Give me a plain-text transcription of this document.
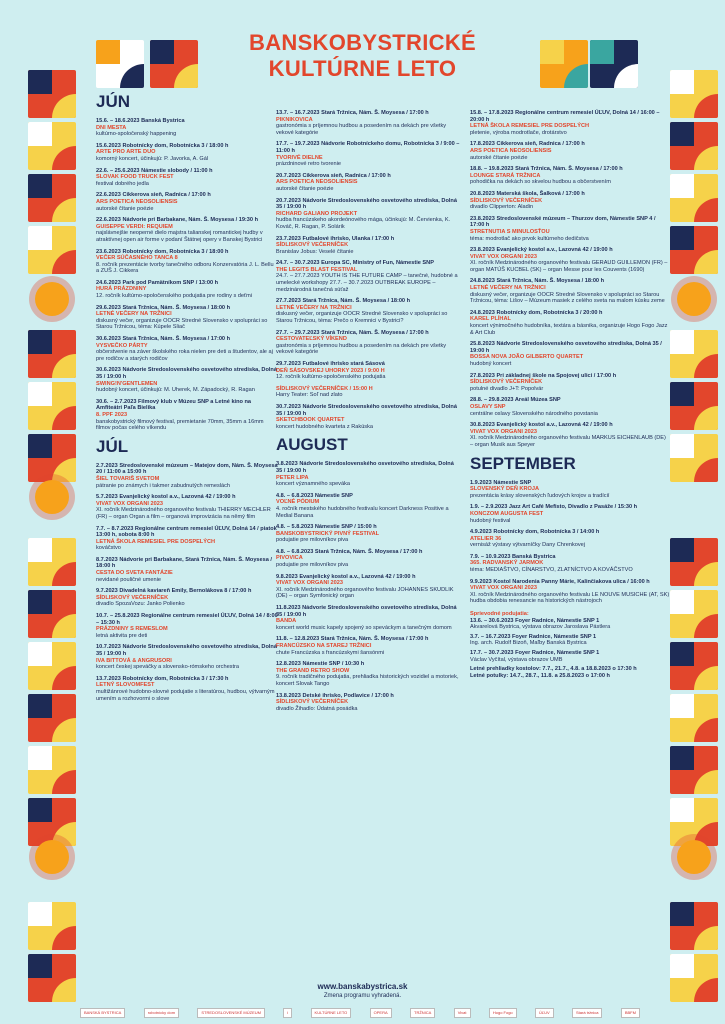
BANSKOBYSTRICKÉ
KULTÚRNE LETO
JÚN
15.6. – 18.6.2023 Banská Bystrica
DNI MESTA
kultúrno-spoločenský happening
15.6.2023 Robotnícky dom, Robotnícka 3 / 18:00 h
ARTE PRO ARTE DUO
komorný koncert, účinkujú: P. Javorka, A. Gál
22.6. – 25.6.2023 Námestie slobody / 11:00 h
SLOVAK FOOD TRUCK FEST
festival dobrého jedla
22.6.2023 Cikkerova sieň, Radnica / 17:00 h
ARS POETICA NEOSOLIENSIS
autorské čítanie poézie
22.6.2023 Nádvorie pri Barbakane, Nám. Š. Moysesa / 19:30 h
GUISEPPE VERDI: REQUIEM
najslávnejšie neoperné dielo majstra talianskej romantickej hudby v atraktívnej open air forme v podaní Štátnej opery v Banskej Bystrici
23.6.2023 Robotnícky dom, Robotnícka 3 / 18:00 h
VEČER SÚČASNÉHO TANCA 8
8. ročník prezentácie tvorby tanečného odboru Konzervatória J. L. Bellu a ZUŠ J. Cikkera
24.6.2023 Park pod Pamätníkom SNP / 13:00 h
HURÁ PRÁZDNINY
12. ročník kultúrno-spoločenského podujatia pre rodiny s deťmi
29.6.2023 Stará Tržnica, Nám. Š. Moysesa / 18:00 h
LETNÉ VEČERY NA TRŽNICI
diskusný večer, organizuje OOCR Stredné Slovensko v spolupráci so Starou Tržnicou, téma: Kúpele Sliač
30.6.2023 Stará Tržnica, Nám. Š. Moysesa / 17:00 h
VYSVEČKO PÁRTY
občerstvenie na záver školského roka nielen pre deti a študentov, ale aj pre rodičov a starých rodičov
30.6.2023 Nádvorie Stredoslovenského osvetového strediska, Dolná 35 / 19:00 h
SWING!N'GENTLEMEN
hudobný koncert, účinkujú: M. Uherek, M. Západocký, R. Ragan
30.6. – 2.7.2023 Filmový klub v Múzeu SNP a Letné kino na Amfiteátri Paľa Bielika
8. PPF 2023
banskobystrický filmový festival, premietanie 70mm, 35mm a 16mm filmov počas celého víkendu
JÚL
2.7.2023 Stredoslovenské múzeum – Matejov dom, Nám. Š. Moysesa 20 / 11:00 a 15:00 h
ŠIEL TOVARIŠ SVETOM
pátranie po známych i takmer zabudnutých remeslách
5.7.2023 Evanjelický kostol a.v., Lazovná 42 / 19:00 h
VIVAT VOX ORGANI 2023
XI. ročník Medzinárodného organového festivalu THIERRY MECHLER (FR) – organ Organ a film – organová improvizácia na němý film
7.7. – 8.7.2023 Regionálne centrum remesiel ÚĽUV, Dolná 14 / piatok 13:00 h, sobota 8:00 h
LETNÁ ŠKOLA REMESIEL PRE DOSPELÝCH
kováčstvo
8.7.2023 Nádvorie pri Barbakane, Stará Tržnica, Nám. Š. Moysesa / 18:00 h
CESTA DO SVETA FANTÁZIE
nevidané pouličné umenie
9.7.2023 Divadelná kaviareň Emily, Bernolákova 8 / 17:00 h
SÍDLISKOVÝ VEČERNÍČEK
divadlo SpozaVozu: Janko Polienko
10.7. – 25.8.2023 Regionálne centrum remesiel ÚĽUV, Dolná 14 / 8:00 – 15:30 h
PRÁZDNINY S REMESLOM
letná aktivita pre deti
10.7.2023 Nádvorie Stredoslovenského osvetového strediska, Dolná 35 / 19:00 h
IVA BITTOVÁ & ANGRUSORI
koncert českej speváčky a slovensko-rómskeho orchestra
13.7.2023 Robotnícky dom, Robotnícka 3 / 17:30 h
LETNÝ SLOVOMFEST
multižánrové hudobno-slovné podujatie s literatúrou, hudbou, výtvarným umením a rozhovormi o slove
13.7. – 16.7.2023 Stará Tržnica, Nám. Š. Moysesa / 17:00 h
PIKNIKOVICA
gastronómia s príjemnou hudbou a posedením na dekách pre všetky vekové kategórie
17.7. – 19.7.2023 Nádvorie Robotníckeho domu, Robotnícka 3 / 9:00 – 11:00 h
TVORIVÉ DIELNE
prázdninové retro tvorenie
20.7.2023 Cikkerova sieň, Radnica / 17:00 h
ARS POETICA NEOSOLIENSIS
autorské čítanie poézie
20.7.2023 Nádvorie Stredoslovenského osvetového strediska, Dolná 35 / 19:00 h
RICHARD GALIANO PROJEKT
hudba francúzskeho akordeónového mága, účinkujú: M. Červienka, K. Kováč, R. Ragan, P. Solárik
23.7.2023 Futbalové ihrisko, Ulanka / 17:00 h
SÍDLISKOVÝ VEČERNÍČEK
Branislav Jobus: Veselé čítanie
24.7. – 30.7.2023 Europa SC, Ministry of Fun, Námestie SNP
THE LEGITS BLAST FESTIVAL
24.7. – 27.7.2023 YOUTH IS THE FUTURE CAMP – tanečné, hudobné a umelecké workshopy 27.7. – 30.7.2023 OUTBREAK EUROPE – medzinárodná tanečná súťaž
27.7.2023 Stará Tržnica, Nám. Š. Moysesa / 18:00 h
LETNÉ VEČERY NA TRŽNICI
diskusný večer, organizuje OOCR Stredné Slovensko v spolupráci so Starou Tržnicou, téma: Prečo o Kremnici v Bystrici?
27.7. – 29.7.2023 Stará Tržnica, Nám. Š. Moysesa / 17:00 h
CESTOVATEĽSKÝ VÍKEND
gastronómia s príjemnou hudbou a posedením na dekách pre všetky vekové kategórie
29.7.2023 Futbalové ihrisko stará Sásová
DEŇ SÁSOVSKEJ UHORKY 2023 / 9:00 H
12. ročník kultúrno-spoločenského podujatia
SÍDLISKOVÝ VEČERNÍČEK / 15:00 H
Harry Teater: Soľ nad zlato
30.7.2023 Nádvorie Stredoslovenského osvetového strediska, Dolná 35 / 19:00 h
SKETCHBOOK QUARTET
koncert hudobného kvarteta z Rakúska
AUGUST
3.8.2023 Nádvorie Stredoslovenského osvetového strediska, Dolná 35 / 19:00 h
PETER LIPA
koncert významného speváka
4.8. – 6.8.2023 Námestie SNP
VOĽNÉ PÓDIUM
4. ročník mestského hudobného festivalu koncert Darkness Positive a Medial Banana
4.8. – 5.8.2023 Námestie SNP / 15:00 h
BANSKOBYSTRICKÝ PIVNÝ FESTIVAL
podujatie pre milovníkov piva
4.8. – 6.8.2023 Stará Tržnica, Nám. Š. Moysesa / 17:00 h
PIVOVICA
podujatie pre milovníkov piva
9.8.2023 Evanjelický kostol a.v., Lazovná 42 / 19:00 h
VIVAT VOX ORGANI 2023
XI. ročník Medzinárodného organového festivalu JOHANNES SKUDLIK (DE) – organ Symfonický organ
11.8.2023 Nádvorie Stredoslovenského osvetového strediska, Dolná 35 / 19:00 h
BANDA
koncert world music kapely spojený so speváckym a tanečným domom
11.8. – 12.8.2023 Stará Tržnica, Nám. Š. Moysesa / 17:00 h
FRANCÚZSKO NA STAREJ TRŽNICI
chute Francúzska s francúzskymi šansónmi
12.8.2023 Námestie SNP / 10:30 h
THE GRAND RETRO SHOW
9. ročník tradičného podujatia, prehliadka historických vozidiel a motoriek, koncert Slovak Tango
13.8.2023 Detské ihrisko, Podlavice / 17:00 h
SÍDLISKOVÝ VEČERNÍČEK
divadlo Žihadlo: Údatná posádka
15.8. – 17.8.2023 Regionálne centrum remesiel ÚĽUV, Dolná 14 / 16:00 – 20:00 h
LETNÁ ŠKOLA REMESIEL PRE DOSPELÝCH
pletenie, výroba modrotlače, drotárstvo
17.8.2023 Cikkerova sieň, Radnica / 17:00 h
ARS POETICA NEOSOLIENSIS
autorské čítanie poézie
18.8. – 19.8.2023 Stará Tržnica, Nám. Š. Moysesa / 17:00 h
LOUNGE STARÁ TRŽNICA
pohodička na dekách so skvelou hudbou a občerstvením
20.8.2023 Materská škola, Šalková / 17:00 h
SÍDLISKOVÝ VEČERNÍČEK
divadlo Clipperton: Aladin
23.8.2023 Stredoslovenské múzeum – Thurzov dom, Námestie SNP 4 / 17:00 h
STRETNUTIA S MINULOSŤOU
téma: modrotlač ako prvok kultúrneho dedičstva
23.8.2023 Evanjelický kostol a.v., Lazovná 42 / 19:00 h
VIVAT VOX ORGANI 2023
XI. ročník Medzinárodného organového festivalu GERAUD GUILLEMON (FR) – organ MATÚŠ KUCBEL (SK) – organ Messe pour les Couvents (1690)
24.8.2023 Stará Tržnica, Nám. Š. Moysesa / 18:00 h
LETNÉ VEČERY NA TRŽNICI
diskusný večer, organizuje OOCR Stredné Slovensko v spolupráci so Starou Tržnicou, téma: Lišov – Múzeum masiek z celého sveta na malom kúsku zeme
24.8.2023 Robotnícky dom, Robotnícka 3 / 20:00 h
KAREL PLÍHAL
koncert výnimočného hudobníka, textára a básnika, organizuje Hogo Fogo Jazz & Art Club
25.8.2023 Nádvorie Stredoslovenského osvetového strediska, Dolná 35 / 19:00 h
BOSSA NOVA JOÃO GILBERTO QUARTET
hudobný koncert
27.8.2023 Pri základnej škole na Spojovej ulici / 17:00 h
SÍDLISKOVÝ VEČERNÍČEK
potulné divadlo J+T: Popolvár
28.8. – 29.8.2023 Areál Múzea SNP
OSLAVY SNP
centrálne oslavy Slovenského národného povstania
30.8.2023 Evanjelický kostol a.v., Lazovná 42 / 19:00 h
VIVAT VOX ORGANI 2023
XI. ročník Medzinárodného organového festivalu MARKUS EICHENLAUB (DE) – organ Musik aus Speyer
SEPTEMBER
1.9.2023 Námestie SNP
SLOVENSKÝ DEŇ KROJA
prezentácia krásy slovenských ľudových krojov a tradícií
1.9. – 2.9.2023 Jazz Art Café Mefisto, Divadlo z Pasáže / 15:30 h
KONCZOM AUGUSTA FEST
hudobný festival
4.9.2023 Robotnícky dom, Robotnícka 3 / 14:00 h
ATELIER 36
vernisáž výstavy výtvarníčky Dany Chrenkovej
7.9. – 10.9.2023 Banská Bystrica
365. RADVANSKÝ JARMOK
téma: MEDIAŠTVO, CÍNARSTVO, ZLATNÍCTVO A KOVÁČSTVO
9.9.2023 Kostol Narodenia Panny Márie, Kalinčiakova ulica / 16:00 h
VIVAT VOX ORGANI 2023
XI. ročník Medzinárodného organového festivalu LE NOUVE MUSICHE (AT, SK) hudba obdobia renesancie na historických nástrojoch
Sprievodné podujatia:
13.6. – 30.6.2023 Foyer Radnice, Námestie SNP 1
Akvarelová Bystrica, výstava obrazov Jaroslava Pástlera
3.7. – 16.7.2023 Foyer Radnice, Námestie SNP 1
Ing. arch. Rudolf Bizoň, Maľby Banská Bystrica
17.7. – 30.7.2023 Foyer Radnice, Námestie SNP 1
Václav Vyčítal, výstava obrazov UMB
Letné prehliadky kostolov: 7.7., 21.7., 4.8. a 18.8.2023 o 17:30 h
Letné potulky: 14.7., 28.7., 11.8. a 25.8.2023 o 17:00 h
www.banskabystrica.sk
Zmena programu vyhradená.
BANSKÁ BYSTRICA	robotnícky dom	STREDOSLOVENSKÉ MÚZEUM	i	KULTÚRNE LETO	OPERA	TRŽNICA	Vivat	Hogo Fogo	ÚĽUV	Stará tržnica	BBFM
